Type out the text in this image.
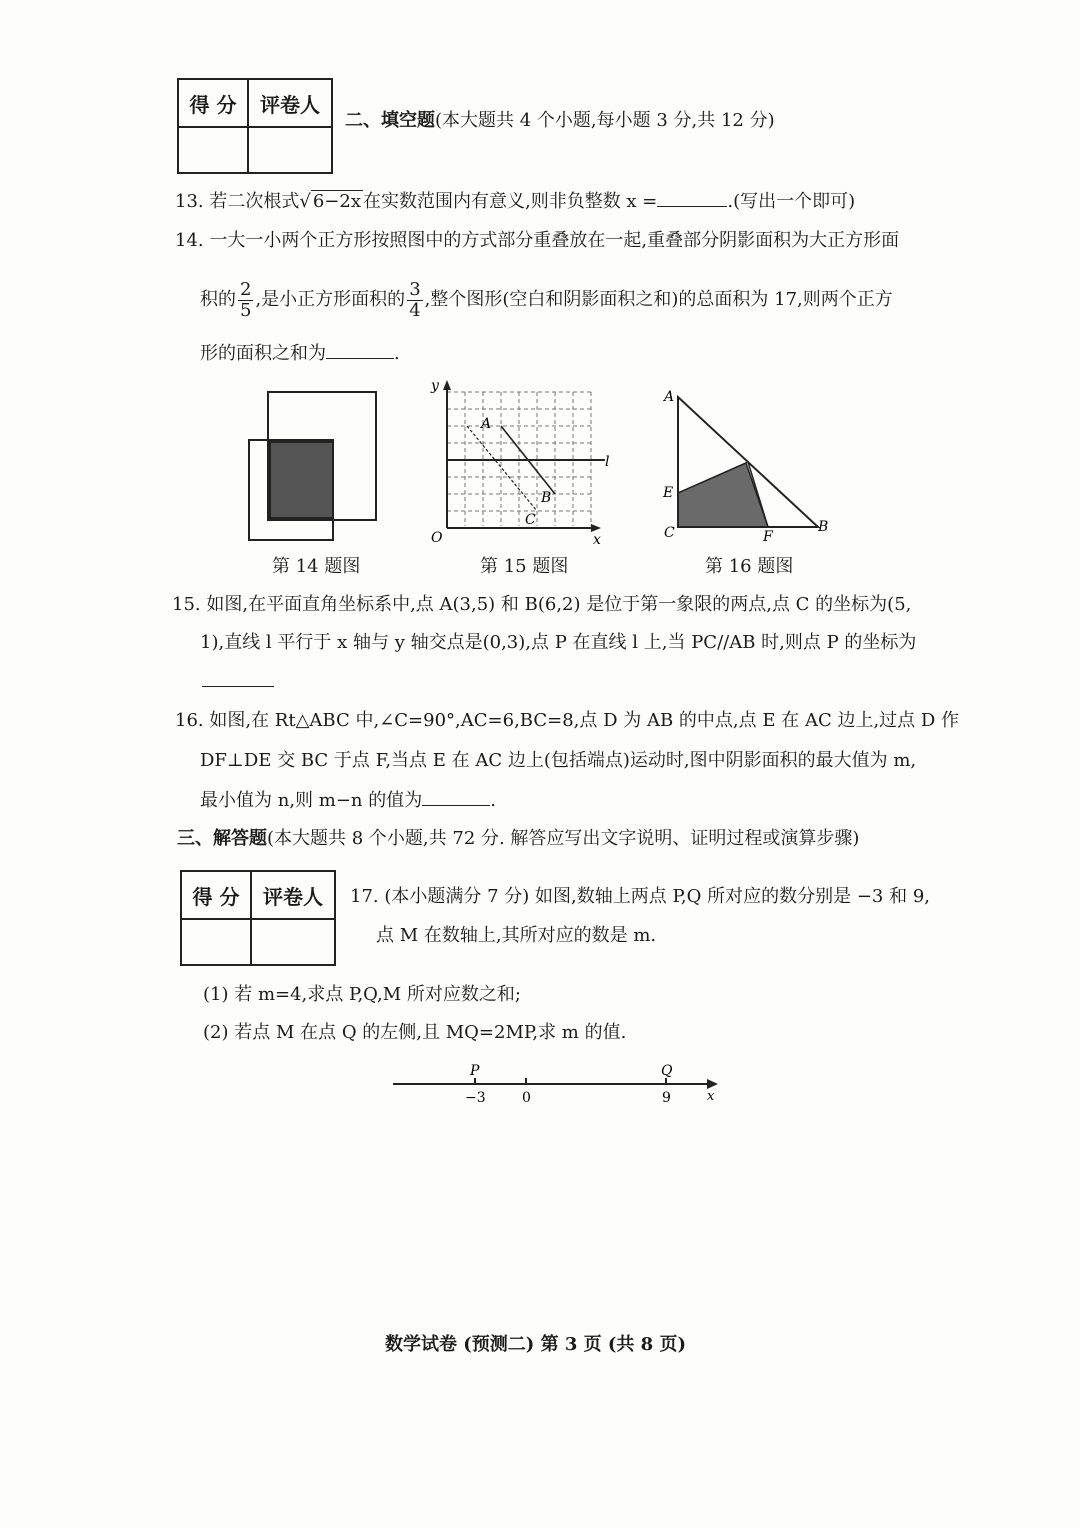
得 分	评卷人

二、填空题(本大题共 4 个小题,每小题 3 分,共 12 分)
13. 若二次根式√ 6−2x 在实数范围内有意义,则非负整数 x =	.(写出一个即可)
14. 一大一小两个正方形按照图中的方式部分重叠放在一起,重叠部分阴影面积为大正方形面
积的 $\frac{2}{5}$ ,是小正方形面积的 $\frac{3}{4}$ ,整个图形(空白和阴影面积之和)的总面积为 17,则两个正方
形的面积之和为	.
第 14 题图
y
x
O
l
A
B
C
第 15 题图
A
B
C
E
F
第 16 题图
15. 如图,在平面直角坐标系中,点 A(3,5) 和 B(6,2) 是位于第一象限的两点,点 C 的坐标为(5,
1),直线 l 平行于 x 轴与 y 轴交点是(0,3),点 P 在直线 l 上,当 PC//AB 时,则点 P 的坐标为
16. 如图,在 Rt△ABC 中,∠C=90°,AC=6,BC=8,点 D 为 AB 的中点,点 E 在 AC 边上,过点 D 作
DF⊥DE 交 BC 于点 F,当点 E 在 AC 边上(包括端点)运动时,图中阴影面积的最大值为 m,
最小值为 n,则 m−n 的值为	.
三、解答题(本大题共 8 个小题,共 72 分. 解答应写出文字说明、证明过程或演算步骤)
得 分	评卷人
	17. (本小题满分 7 分) 如图,数轴上两点 P,Q 所对应的数分别是 −3 和 9,
点 M 在数轴上,其所对应的数是 m.
(1) 若 m=4,求点 P,Q,M 所对应数之和;
(2) 若点 M 在点 Q 的左侧,且 MQ=2MP,求 m 的值.
P	Q
−3	0	9	x
数学试卷 (预测二) 第 3 页 (共 8 页)
